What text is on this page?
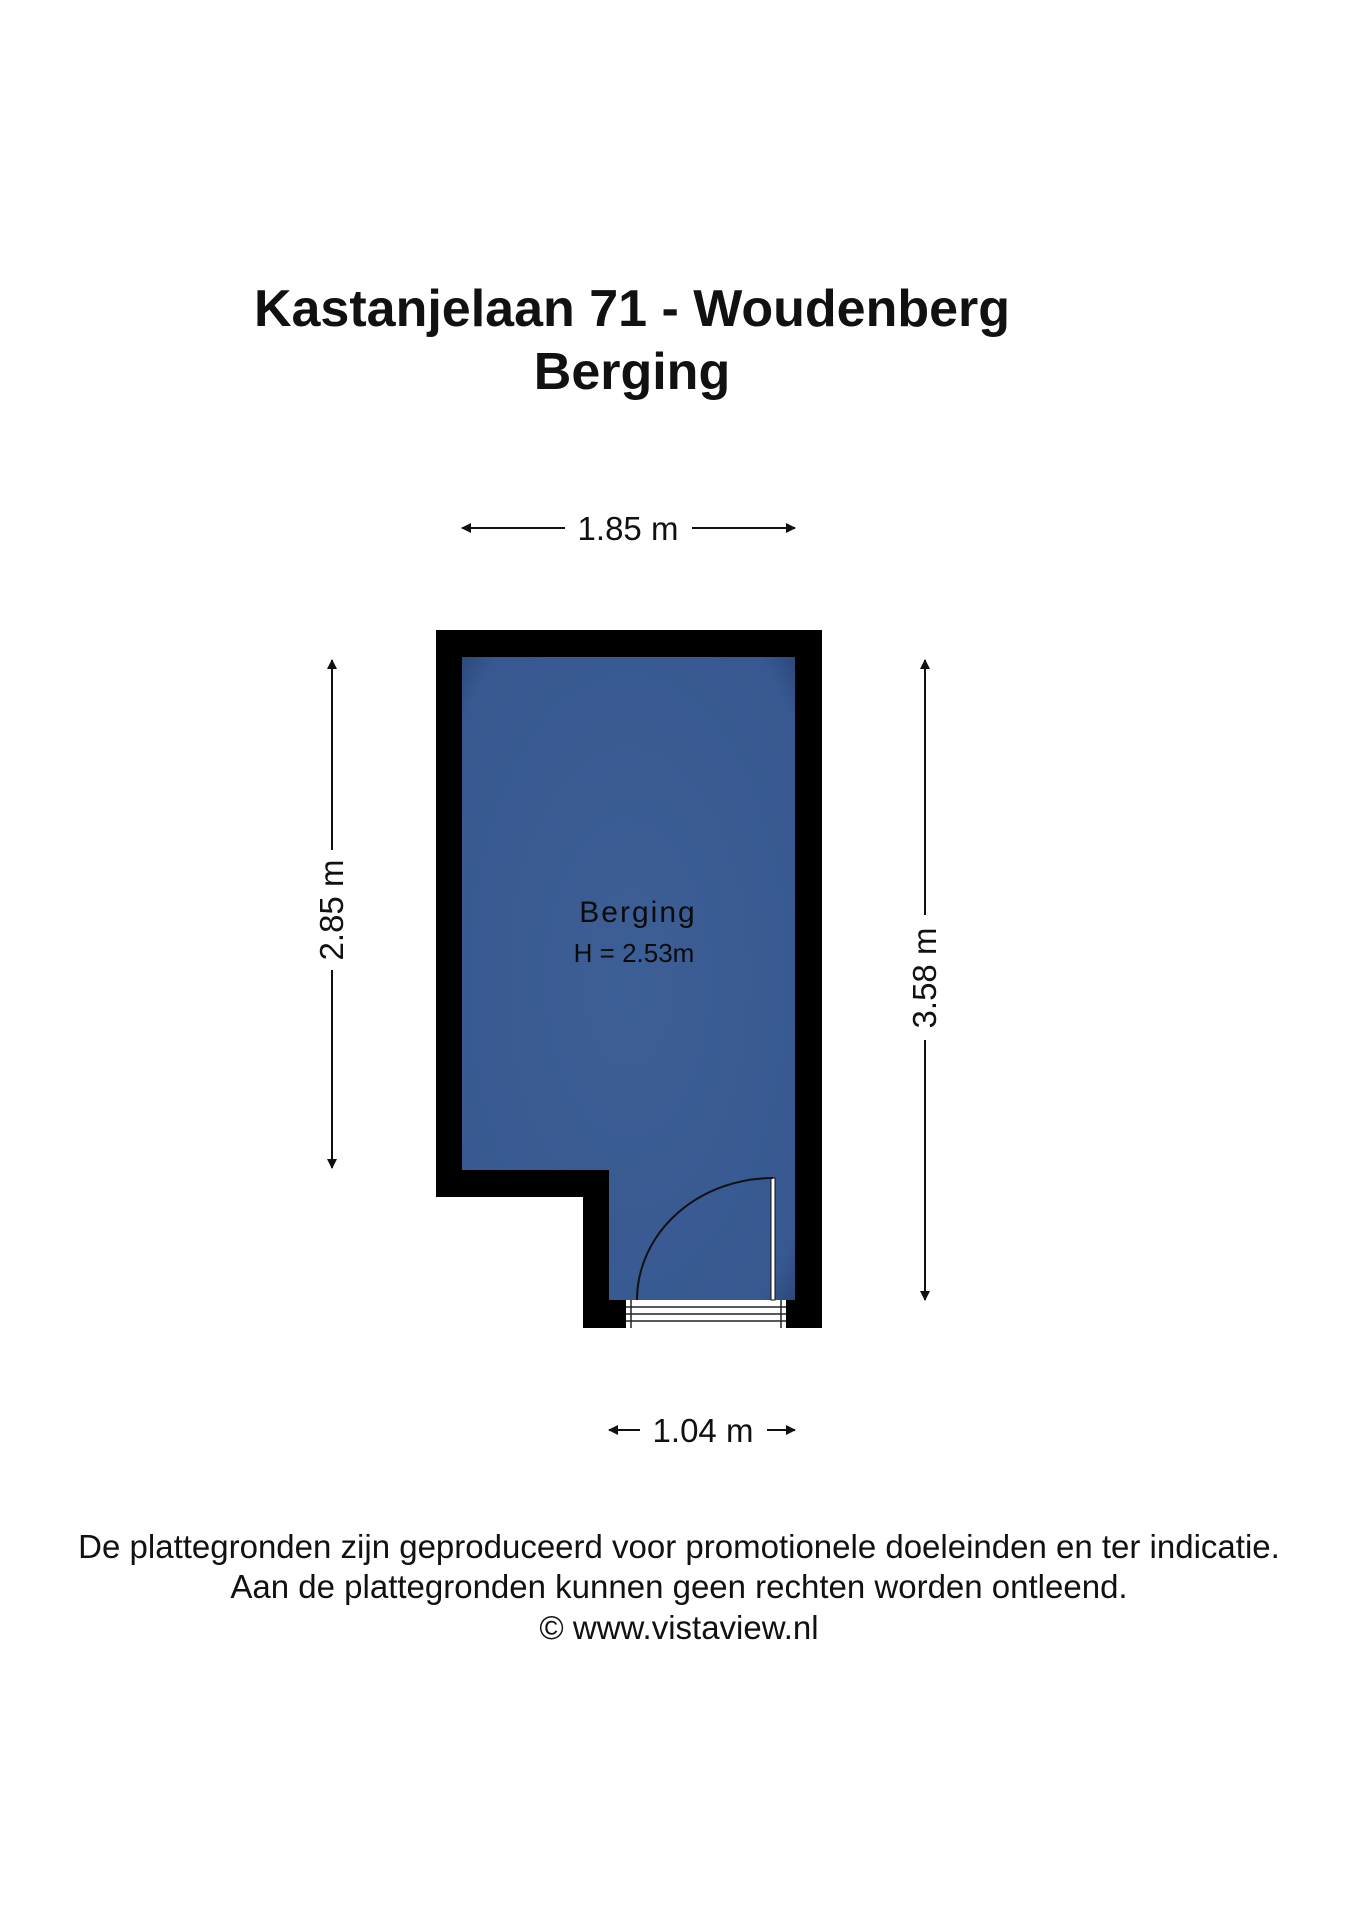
Kastanjelaan 71 - Woudenberg
Berging
1.85 m
2.85 m
3.58 m
1.04 m
Berging
H = 2.53m
De plattegronden zijn geproduceerd voor promotionele doeleinden en ter indicatie.
Aan de plattegronden kunnen geen rechten worden ontleend.
© www.vistaview.nl
